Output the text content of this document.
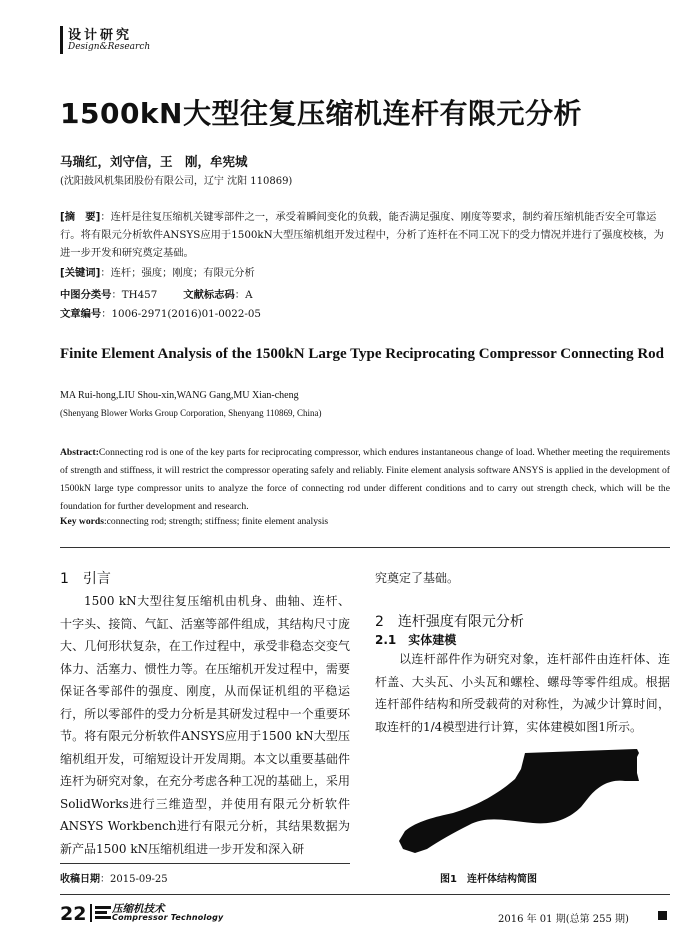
设计研究
Design&Research
1500kN大型往复压缩机连杆有限元分析
马瑞红，刘守信，王　刚，牟宪城
(沈阳鼓风机集团股份有限公司，辽宁 沈阳 110869)
[摘　要]：连杆是往复压缩机关键零部件之一，承受着瞬间变化的负载，能否满足强度、刚度等要求，制约着压缩机能否安全可靠运行。将有限元分析软件ANSYS应用于1500kN大型压缩机组开发过程中，分析了连杆在不同工况下的受力情况并进行了强度校核，为进一步开发和研究奠定基础。
[关键词]：连杆；强度；刚度；有限元分析
中图分类号：TH457	文献标志码：A
文章编号：1006-2971(2016)01-0022-05
Finite Element Analysis of the 1500kN Large Type Reciprocating Compressor Connecting Rod
MA Rui-hong,LIU Shou-xin,WANG Gang,MU Xian-cheng
(Shenyang Blower Works Group Corporation, Shenyang 110869, China)
Abstract:Connecting rod is one of the key parts for reciprocating compressor, which endures instantaneous change of load. Whether meeting the requirements of strength and stiffness, it will restrict the compressor operating safely and reliably. Finite element analysis software ANSYS is applied in the development of 1500kN large type compressor units to analyze the force of connecting rod under different conditions and to carry out strength check, which will be the foundation for further development and research.
Key words:connecting rod; strength; stiffness; finite element analysis
1　引言
1500 kN大型往复压缩机由机身、曲轴、连杆、十字头、接筒、气缸、活塞等部件组成，其结构尺寸庞大、几何形状复杂，在工作过程中，承受非稳态交变气体力、活塞力、惯性力等。在压缩机开发过程中，需要保证各零部件的强度、刚度，从而保证机组的平稳运行，所以零部件的受力分析是其研发过程中一个重要环节。将有限元分析软件ANSYS应用于1500 kN大型压缩机组开发，可缩短设计开发周期。本文以重要基础件连杆为研究对象，在充分考虑各种工况的基础上，采用SolidWorks进行三维造型，并使用有限元分析软件ANSYS Workbench进行有限元分析，其结果数据为新产品1500 kN压缩机组进一步开发和深入研
究奠定了基础。
2　连杆强度有限元分析
2.1　实体建模
以连杆部件作为研究对象，连杆部件由连杆体、连杆盖、大头瓦、小头瓦和螺栓、螺母等零件组成。根据连杆部件结构和所受载荷的对称性，为减少计算时间，取连杆的1/4模型进行计算，实体建模如图1所示。
图1　连杆体结构简图
收稿日期：2015-09-25
22 压缩机技术
Compressor Technology	2016 年 01 期(总第 255 期)
